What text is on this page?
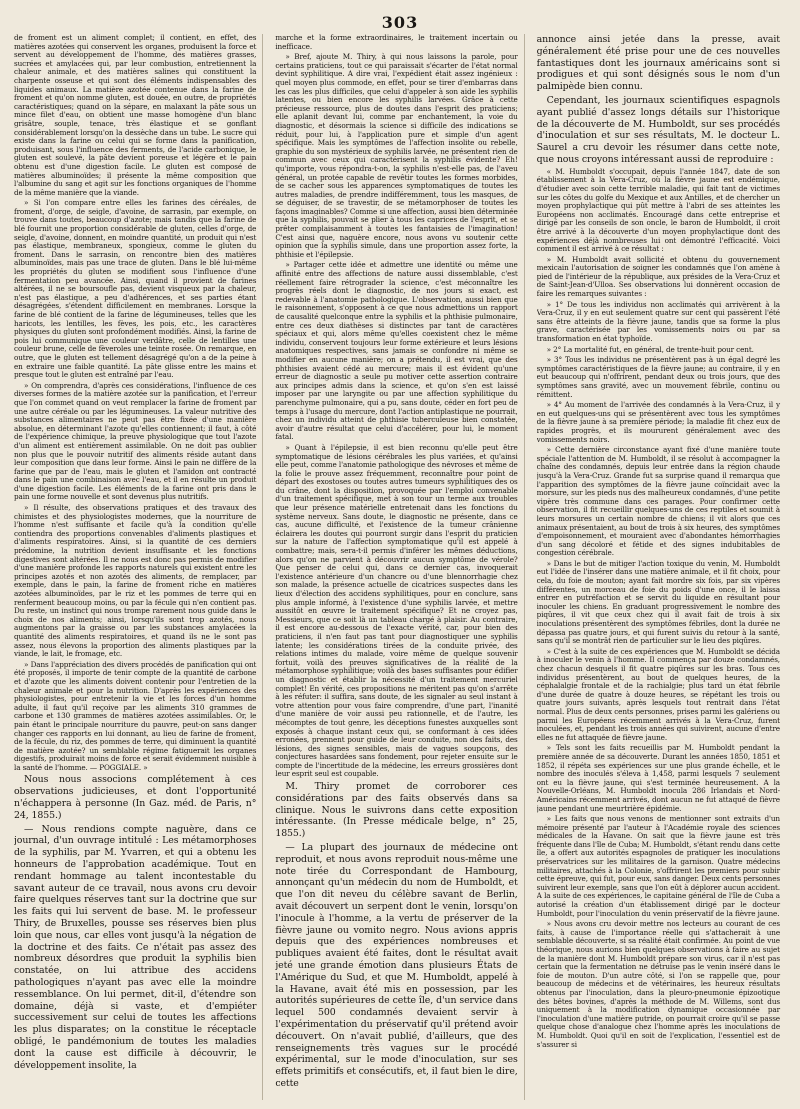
303

de froment est un aliment complet; il contient, en effet, des matières azotées qui conservent les organes, produisent la force et servent au développement de l'homme, des matières grasses, sucrées et amylacées qui, par leur combustion, entretiennent la chaleur animale, et des matières salines qui constituent la charpente osseuse et qui sont des éléments indispensables des liquides animaux. La matière azotée contenue dans la farine de froment et qu'on nomme gluten, est douée, en outre, de propriétés caractéristiques; quand on la sépare, en malaxant la pâte sous un mince filet d'eau, on obtient une masse homogène d'un blanc grisâtre, souple, tenace, très élastique et se gonflant considérablement lorsqu'on la dessèche dans un tube. Le sucre qui existe dans la farine ou celui qui se forme dans la panification, produisant, sous l'influence des ferments, de l'acide carbonique, le gluten est soulevé, la pâte devient poreuse et légère et le pain obtenu est d'une digestion facile. Le gluten est composé de matières albuminoïdes; il présente la même composition que l'albumine du sang et agit sur les fonctions organiques de l'homme de la même manière que la viande.

» Si l'on compare entre elles les farines des céréales, de froment, d'orge, de seigle, d'avoine, de sarrasin, par exemple, on trouve dans toutes, beaucoup d'azote; mais tandis que la farine de blé fournit une proportion considérable de gluten, celles d'orge, de seigle, d'avoine, donnent, en moindre quantité, un produit qui n'est pas élastique, membraneux, spongieux, comme le gluten du froment. Dans le sarrasin, on rencontre bien des matières albuminoïdes, mais pas une trace de gluten. Dans le blé lui-même les propriétés du gluten se modifient sous l'influence d'une fermentation peu avancée. Ainsi, quand il provient de farines altérées, il ne se boursoufle pas, devient visqueux par la chaleur, n'est pas élastique, a peu d'adhérences, et ses parties étant désagrégées, s'étendent difficilement en membranes. Lorsque la farine de blé contient de la farine de légumineuses, telles que les haricots, les lentilles, les fèves, les pois, etc., les caractères physiques du gluten sont profondément modifiés. Ainsi, la farine de pois lui communique une couleur verdâtre, celle de lentilles une couleur brune, celle de fèveroles une teinte rosée. On remarque, en outre, que le gluten est tellement désagrégé qu'on a de la peine à en extraire une faible quantité. La pâte glisse entre les mains et presque tout le gluten est entraîné par l'eau.

» On comprendra, d'après ces considérations, l'influence de ces diverses formes de la matière azotée sur la panification, et l'erreur que l'on commet quand on veut remplacer la farine de froment par une autre céréale ou par les légumineuses. La valeur nutritive des substances alimentaires ne peut pas être fixée d'une manière absolue, en déterminant l'azote qu'elles contiennent; il faut, à côté de l'expérience chimique, la preuve physiologique que tout l'azote d'un aliment est entièrement assimilable. On ne doit pas oublier non plus que le pouvoir nutritif des aliments réside autant dans leur composition que dans leur forme. Ainsi le pain ne diffère de la farine que par de l'eau, mais le gluten et l'amidon ont contracté dans le pain une combinaison avec l'eau, et il en résulte un produit d'une digestion facile. Les éléments de la farine ont pris dans le pain une forme nouvelle et sont devenus plus nutritifs.

» Il résulte, des observations pratiques et des travaux des chimistes et des physiologistes modernes, que la nourriture de l'homme n'est suffisante et facile qu'à la condition qu'elle contiendra des proportions convenables d'aliments plastiques et d'aliments respiratoires. Ainsi, si la quantité de ces derniers prédomine, la nutrition devient insuffisante et les fonctions digestives sont altérées. Il ne nous est donc pas permis de modifier d'une manière profonde les rapports naturels qui existent entre les principes azotés et non azotés des aliments, de remplacer, par exemple, dans le pain, la farine de froment riche en matières azotées albuminoïdes, par le riz et les pommes de terre qui en renferment beaucoup moins, ou par la fécule qui n'en contient pas. Du reste, un instinct qui nous trompe rarement nous guide dans le choix de nos aliments; ainsi, lorsqu'ils sont trop azotés, nous augmentons par la graisse ou par les substances amylacées la quantité des aliments respiratoires, et quand ils ne le sont pas assez, nous élevons la proportion des aliments plastiques par la viande, le lait, le fromage, etc.

» Dans l'appréciation des divers procédés de panification qui ont été proposés, il importe de tenir compte de la quantité de carbone et d'azote que les aliments doivent contenir pour l'entretien de la chaleur animale et pour la nutrition. D'après les expériences des physiologistes, pour entretenir la vie et les forces d'un homme adulte, il faut qu'il reçoive par les aliments 310 grammes de carbone et 130 grammes de matières azotées assimilables. Or, le pain étant le principale nourriture du pauvre, peut-on sans danger changer ces rapports en lui donnant, au lieu de farine de froment, de la fécule, du riz, des pommes de terre, qui diminuent la quantité de matière azotée? un semblable régime fatiguerait les organes digestifs, produirait moins de force et serait évidemment nuisible à la santé de l'homme. — POGGIALE. »

Nous nous associons complétement à ces observations judicieuses, et dont l'opportunité n'échappera à personne (In Gaz. méd. de Paris, n° 24, 1855.)

— Nous rendions compte naguère, dans ce journal, d'un ouvrage intitulé : Les métamorphoses de la syphilis, par M. Yvarren, et qui a obtenu les honneurs de l'approbation académique. Tout en rendant hommage au talent incontestable du savant auteur de ce travail, nous avons cru devoir faire quelques réserves tant sur la doctrine que sur les faits qui lui servent de base. M. le professeur Thiry, de Bruxelles, pousse ses réserves bien plus loin que nous, car elles vont jusqu'à la négation de la doctrine et des faits. Ce n'était pas assez des nombreux désordres que produit la syphilis bien constatée, on lui attribue des accidens pathologiques n'ayant pas avec elle la moindre ressemblance. On lui permet, dit-il, d'étendre son domaine, déjà si vaste, et d'empiéter successivement sur celui de toutes les affections les plus disparates; on la constitue le réceptacle obligé, le pandémonium de toutes les maladies dont la cause est difficile à découvrir, le développement insolite, la

marche et la forme extraordinaires, le traitement incertain ou inefficace.

» Bref, ajoute M. Thiry, à qui nous laissons la parole, pour certains praticiens, tout ce qui paraissait s'écarter de l'état normal devint syphilitique. A dire vrai, l'expédient était assez ingénieux : quel moyen plus commode, en effet, pour se tirer d'embarras dans les cas les plus difficiles, que celui d'appeler à son aide les syphilis latentes, ou bien encore les syphilis larvées. Grâce à cette précieuse ressource, plus de doutes dans l'esprit des praticiens; elle aplanit devant lui, comme par enchantement, la voie du diagnostic, et désormais la science si difficile des indications se réduit, pour lui, à l'application pure et simple d'un agent spécifique. Mais les symptômes de l'affection insolite ou rebelle, graphie du son mystérieux de syphilis larvée, ne présentent rien de commun avec ceux qui caractérisent la syphilis évidente? Eh! qu'importe, vous répondra-t-on, la syphilis n'est-elle pas, de l'aveu général, un protée capable de revêtir toutes les formes morbides, de se cacher sous les apparences symptomatiques de toutes les autres maladies, de prendre indifféremment, tous les masques, de se déguiser, de se travestir, de se métamorphoser de toutes les façons imaginables? Comme si une affection, aussi bien déterminée que la syphilis, pouvait se plier à tous les caprices de l'esprit, et se prêter complaisamment à toutes les fantaisies de l'imagination! C'est ainsi que, naguère encore, nous avons vu soutenir cette opinion que la syphilis simule, dans une proportion assez forte, la phthisie et l'épilepsie.

» Partager cette idée et admettre une identité ou même une affinité entre des affections de nature aussi dissemblable, c'est réellement faire rétrograder la science, c'est méconnaître les progrès réels dont le diagnostic, de nos jours si exact, est redevable à l'anatomie pathologique. L'observation, aussi bien que le raisonnement, s'opposent à ce que nous admettions un rapport de causalité quelconque entre la syphilis et la phthisie pulmonaire, entre ces deux diathèses si distinctes par tant de caractères spéciaux et qui, alors même qu'elles coexistent chez le même individu, conservent toujours leur forme extérieure et leurs lésions anatomiques respectives, sans jamais se confondre ni même se modifier en aucune manière; on a prétendu, il est vrai, que des phthisies avaient cédé au mercure; mais il est évident qu'une erreur de diagnostic a seule pu motiver cette assertion contraire aux principes admis dans la science, et qu'on s'en est laissé imposer par une laryngite ou par une affection syphilitique du parenchyme pulmonaire, qui a pu, sans doute, céder en fort peu de temps à l'usage du mercure, dont l'action antiplastique ne pourrait, chez un individu atteint de phthisie tuberculeuse bien constatée, avoir d'autre résultat que celui d'accélérer, pour lui, le moment fatal.

» Quant à l'épilepsie, il est bien reconnu qu'elle peut être symptomatique de lésions cérébrales les plus variées, et qu'ainsi elle peut, comme l'anatomie pathologique des névroses et même de la folie le prouve assez fréquemment, reconnaître pour point de départ des exostoses ou toutes autres tumeurs syphilitiques des os du crâne, dont la disposition, provoquée par l'emploi convenable d'un traitement spécifique, met à son tour un terme aux troubles que leur présence matérielle entretenait dans les fonctions du système nerveux. Sans doute, le diagnostic ne présente, dans ce cas, aucune difficulté, et l'existence de la tumeur crânienne éclairera les doutes qui pourront surgir dans l'esprit du praticien sur la nature de l'affection symptomatique qu'il est appelé à combattre; mais, sera-t-il permis d'inférer les mêmes déductions, alors qu'on ne parvient à découvrir aucun symptôme de vérole? Que penser de celui qui, dans ce dernier cas, invoquerait l'existence antérieure d'un chancre ou d'une blennorrhagie chez son malade, la présence actuelle de cicatrices suspectes dans les lieux d'élection des accidens syphilitiques, pour en conclure, sans plus ample informé, à l'existence d'une syphilis larvée, et mettre aussitôt en œuvre le traitement spécifique? Et ne croyez pas, Messieurs, que ce soit là un tableau chargé à plaisir. Au contraire, il est encore au-dessous de l'exacte vérité, car, pour bien des praticiens, il n'en faut pas tant pour diagnostiquer une syphilis latente; les considérations tirées de la conduite privée, des relations intimes du malade, voire même de quelque souvenir fortuit, voilà des preuves significatives de la réalité de la métamorphose syphilitique; voilà des bases suffisantes pour édifier un diagnostic et établir la nécessité d'un traitement mercuriel complet! En vérité, ces propositions ne méritent pas qu'on s'arrête à les réfuter: il suffira, sans doute, de les signaler au seul instant à votre attention pour vous faire comprendre, d'une part, l'inanité d'une manière de voir aussi peu rationnelle, et de l'autre, les mécomptes de tout genre, les déceptions funestes auxquelles sont exposés à chaque instant ceux qui, se conformant à ces idées erronées, prennent pour guide de leur conduite, non des faits, des lésions, des signes sensibles, mais de vagues soupçons, des conjectures hasardées sans fondement, pour rejeter ensuite sur le compte de l'incertitude de la médecine, les erreurs grossières dont leur esprit seul est coupable.

M. Thiry promet de corroborer ces considérations par des faits observés dans sa clinique. Nous le suivrons dans cette exposition intéressante. (In Presse médicale belge, n° 25, 1855.)

— La plupart des journaux de médecine ont reproduit, et nous avons reproduit nous-même une note tirée du Correspondant de Hambourg, annonçant qu'un médecin du nom de Humboldt, et que l'on dit neveu du célèbre savant de Berlin, avait découvert un serpent dont le venin, lorsqu'on l'inocule à l'homme, a la vertu de préserver de la fièvre jaune ou vomito negro. Nous avions appris depuis que des expériences nombreuses et publiques avaient été faites, dont le résultat avait jeté une grande émotion dans plusieurs États de l'Amérique du Sud, et que M. Humboldt, appelé à la Havane, avait été mis en possession, par les autorités supérieures de cette île, d'un service dans lequel 500 condamnés devaient servir à l'expérimentation du préservatif qu'il prétend avoir découvert. On n'avait publié, d'ailleurs, que des renseignements très vagues sur le procédé expérimental, sur le mode d'inoculation, sur ses effets primitifs et consécutifs, et, il faut bien le dire, cette

annonce ainsi jetée dans la presse, avait généralement été prise pour une de ces nouvelles fantastiques dont les journaux américains sont si prodigues et qui sont désignés sous le nom d'un palmipède bien connu.

Cependant, les journaux scientifiques espagnols ayant publié d'assez longs détails sur l'historique de la découverte de M. Humboldt, sur ses procédés d'inoculation et sur ses résultats, M. le docteur L. Saurel a cru devoir les résumer dans cette note, que nous croyons intéressant aussi de reproduire :

« M. Humboldt s'occupait, depuis l'année 1847, date de son établissement à la Vera-Cruz, où la fièvre jaune est endémique, d'étudier avec soin cette terrible maladie, qui fait tant de victimes sur les côtes du golfe du Mexique et aux Antilles, et de chercher un moyen prophylactique qui pût mettre à l'abri de ses atteintes les Européens non acclimatés. Encouragé dans cette entreprise et dirigé par les conseils de son oncle, le baron de Humboldt, il croit être arrivé à la découverte d'un moyen prophylactique dont des expériences déjà nombreuses lui ont démontré l'efficacité. Voici comment il est arrivé à ce résultat :

» M. Humboldt avait sollicité et obtenu du gouvernement mexicain l'autorisation de soigner les condamnés que l'on amène à pied de l'intérieur de la république, aux présides de la Vera-Cruz et de Saint-Jean-d'Ulloa. Ses observations lui donnèrent occasion de faire les remarques suivantes :

» 1° De tous les individus non acclimatés qui arrivèrent à la Vera-Cruz, il y en eut seulement quatre sur cent qui passèrent l'été sans être atteints de la fièvre jaune, tandis que sa forme la plus grave, caractérisée par les vomissements noirs ou par sa transformation en état typhoïde.

» 2° La mortalité fut, en général, de trente-huit pour cent.

» 3° Tous les individus ne présentèrent pas à un égal degré les symptômes caractéristiques de la fièvre jaune; au contraire, il y en eut beaucoup qui n'offrirent, pendant deux ou trois jours, que des symptômes sans gravité, avec un mouvement fébrile, continu ou rémittent.

» 4° Au moment de l'arrivée des condamnés à la Vera-Cruz, il y en eut quelques-uns qui se présentèrent avec tous les symptômes de la fièvre jaune à sa première période; la maladie fit chez eux de rapides progrès, et ils moururent généralement avec des vomissements noirs.

» Cette dernière circonstance ayant fixé d'une manière toute spéciale l'attention de M. Humboldt, il se résolut à accompagner la chaîne des condamnés, depuis leur entrée dans la région chaude jusqu'à la Vera-Cruz. Grande fut sa surprise quand il remarqua que l'apparition des symptômes de la fièvre jaune coïncidait avec la morsure, sur les pieds nus des malheureux condamnés, d'une petite vipère très commune dans ces parages. Pour confirmer cette observation, il fit recueillir quelques-uns de ces reptiles et soumit à leurs morsures un certain nombre de chiens; il vit alors que ces animaux présentaient, au bout de trois à six heures, des symptômes d'empoisonnement, et mouraient avec d'abondantes hémorrhagies d'un sang décoloré et fétide et des signes indubitables de congestion cérébrale.

» Dans le but de mitiger l'action toxique du venin, M. Humboldt eut l'idée de l'insérer dans une matière animale, et il fit choix, pour cela, du foie de mouton; ayant fait mordre six fois, par six vipères différentes, un morceau de foie du poids d'une once, il le laissa entrer en putréfaction et se servit du liquide en résultant pour inoculer les chiens. En graduant progressivement le nombre des piqûres, il vit que ceux chez qui il avait fait de trois à six inoculations présentèrent des symptômes fébriles, dont la durée ne dépassa pas quatre jours, et qui furent suivis du retour à la santé, sans qu'il se montrât rien de particulier sur le lieu des piqûres.

» C'est à la suite de ces expériences que M. Humboldt se décida à inoculer le venin à l'homme. Il commença par douze condamnés, chez chacun desquels il fit quatre piqûres sur les bras. Tous ces individus présentèrent, au bout de quelques heures, de la céphalalgie frontale et de la rachialgie; plus tard un état fébrile d'une durée de quatre à douze heures, se répétant les trois ou quatre jours suivants, après lesquels tout rentrait dans l'état normal. Plus de deux cents personnes, prises parmi les galériens ou parmi les Européens récemment arrivés à la Vera-Cruz, furent inoculées, et, pendant les trois années qui suivirent, aucune d'entre elles ne fut attaquée de fièvre jaune.

» Tels sont les faits recueillis par M. Humboldt pendant la première année de sa découverte. Durant les années 1850, 1851 et 1852, il répéta ses expériences sur une plus grande échelle, et le nombre des inoculés s'éleva à 1,458, parmi lesquels 7 seulement ont eu la fièvre jaune, qui s'est terminée heureusement. A la Nouvelle-Orléans, M. Humboldt inocula 286 Irlandais et Nord-Américains récemment arrivés, dont aucun ne fut attaqué de fièvre jaune pendant une meurtrière épidémie.

» Les faits que nous venons de mentionner sont extraits d'un mémoire présenté par l'auteur à l'Académie royale des sciences médicales de la Havane. On sait que la fièvre jaune est très fréquente dans l'île de Cuba; M. Humboldt, s'étant rendu dans cette île, a offert aux autorités espagnoles de pratiquer les inoculations préservatrices sur les militaires de la garnison. Quatre médecins militaires, attachés à la Colonie, s'offrirent les premiers pour subir cette épreuve, qui fut, pour eux, sans danger. Deux cents personnes suivirent leur exemple, sans que l'on eût à déplorer aucun accident. A la suite de ces expériences, le capitaine général de l'île de Cuba a autorisé la création d'un établissement dirigé par le docteur Humboldt, pour l'inoculation du venin préservatif de la fièvre jaune.

» Nous avons cru devoir mettre nos lecteurs au courant de ces faits, à cause de l'importance réelle qui s'attacherait à une semblable découverte, si sa réalité était confirmée. Au point de vue théorique, nous aurions bien quelques observations à faire au sujet de la manière dont M. Humboldt prépare son virus, car il n'est pas certain que la fermentation ne détruise pas le venin inséré dans le foie de mouton. D'un autre côté, si l'on se rappelle que, pour beaucoup de médecins et de vétérinaires, les heureux résultats obtenus par l'inoculation, dans la pleuro-pneumonie épizootique des bêtes bovines, d'après la méthode de M. Willems, sont dus uniquement à la modification dynamique occasionnée par l'inoculation d'une matière putride, on pourrait croire qu'il se passe quelque chose d'analogue chez l'homme après les inoculations de M. Humboldt. Quoi qu'il en soit de l'explication, l'essentiel est de s'assurer si
